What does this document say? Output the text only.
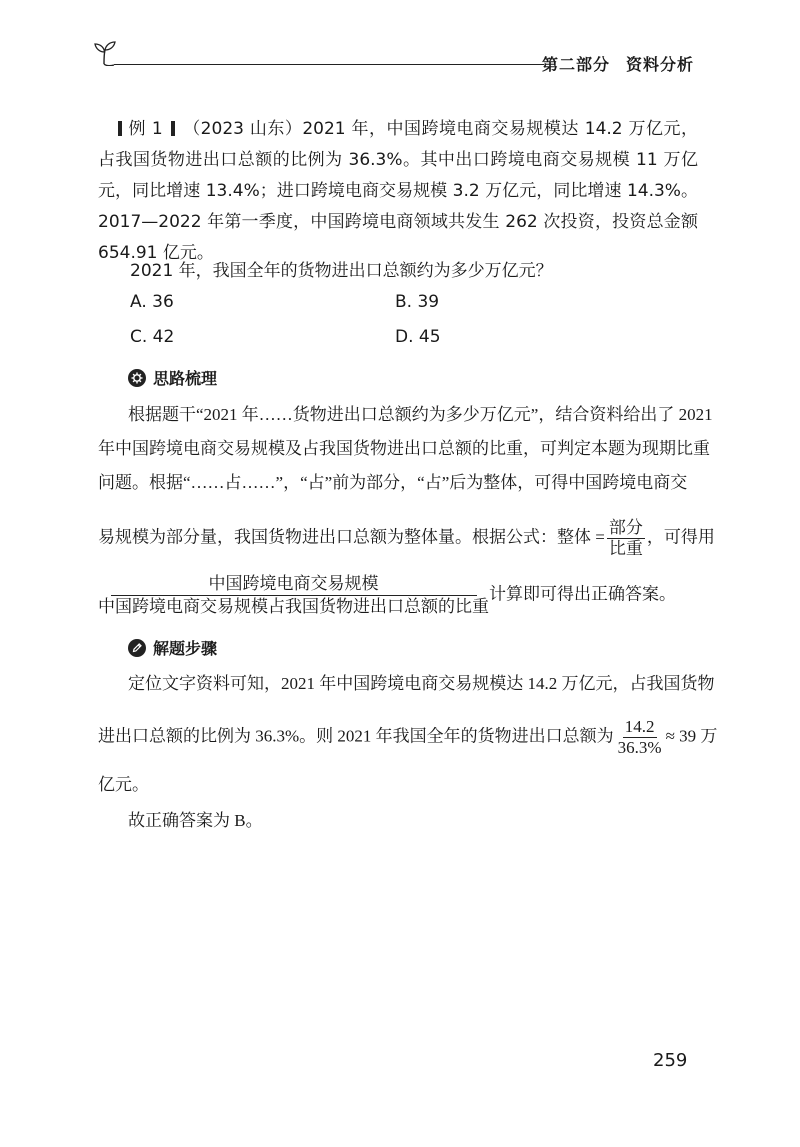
第二部分 资料分析
例 1 （2023 山东）2021 年，中国跨境电商交易规模达 14.2 万亿元，占我国货物进出口总额的比例为 36.3%。其中出口跨境电商交易规模 11 万亿元，同比增速 13.4%；进口跨境电商交易规模 3.2 万亿元，同比增速 14.3%。2017—2022 年第一季度，中国跨境电商领域共发生 262 次投资，投资总金额 654.91 亿元。
2021 年，我国全年的货物进出口总额约为多少万亿元？
A. 36	B. 39
C. 42	D. 45
思路梳理
根据题干“2021 年……货物进出口总额约为多少万亿元”，结合资料给出了 2021
年中国跨境电商交易规模及占我国货物进出口总额的比重，可判定本题为现期比重
问题。根据“……占……”，“占”前为部分，“占”后为整体，可得中国跨境电商交
易规模为部分量，我国货物进出口总额为整体量。根据公式：整体 = $\frac{\text{部分}}{\text{比重}}$ ，可得用
$\frac{\text{中国跨境电商交易规模}}{\text{中国跨境电商交易规模占我国货物进出口总额的比重}}$ 计算即可得出正确答案。
解题步骤
定位文字资料可知，2021 年中国跨境电商交易规模达 14.2 万亿元，占我国货物
进出口总额的比例为 36.3%。则 2021 年我国全年的货物进出口总额为 $\frac{14.2}{36.3\%} \approx 39$ 万
亿元。
故正确答案为 B。
259
